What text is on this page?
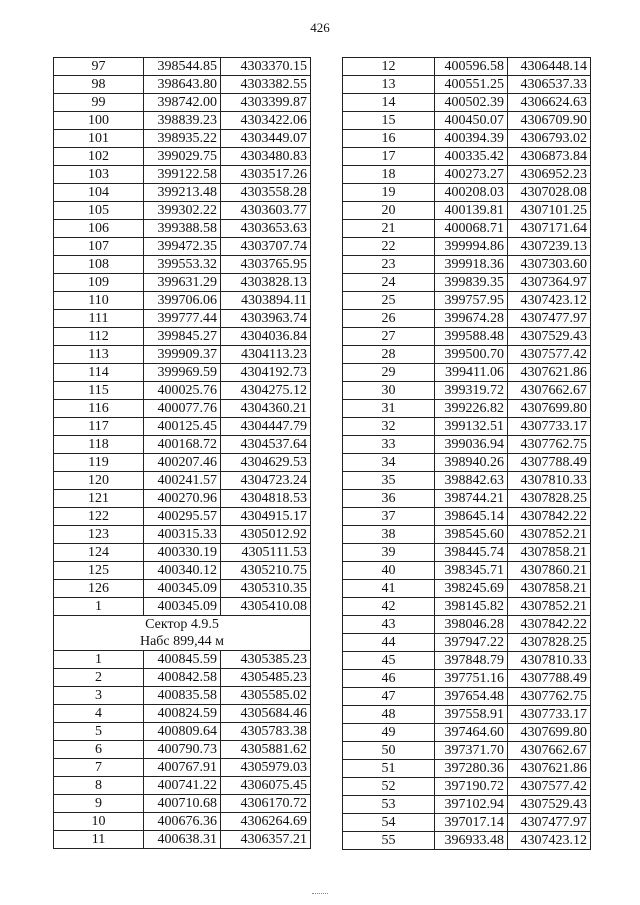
426
97	398544.85	4303370.15
98	398643.80	4303382.55
99	398742.00	4303399.87
100	398839.23	4303422.06
101	398935.22	4303449.07
102	399029.75	4303480.83
103	399122.58	4303517.26
104	399213.48	4303558.28
105	399302.22	4303603.77
106	399388.58	4303653.63
107	399472.35	4303707.74
108	399553.32	4303765.95
109	399631.29	4303828.13
110	399706.06	4303894.11
111	399777.44	4303963.74
112	399845.27	4304036.84
113	399909.37	4304113.23
114	399969.59	4304192.73
115	400025.76	4304275.12
116	400077.76	4304360.21
117	400125.45	4304447.79
118	400168.72	4304537.64
119	400207.46	4304629.53
120	400241.57	4304723.24
121	400270.96	4304818.53
122	400295.57	4304915.17
123	400315.33	4305012.92
124	400330.19	4305111.53
125	400340.12	4305210.75
126	400345.09	4305310.35
1	400345.09	4305410.08
Сектор 4.9.5		
Набс 899,44 м		
1	400845.59	4305385.23
2	400842.58	4305485.23
3	400835.58	4305585.02
4	400824.59	4305684.46
5	400809.64	4305783.38
6	400790.73	4305881.62
7	400767.91	4305979.03
8	400741.22	4306075.45
9	400710.68	4306170.72
10	400676.36	4306264.69
11	400638.31	4306357.21
12	400596.58	4306448.14
13	400551.25	4306537.33
14	400502.39	4306624.63
15	400450.07	4306709.90
16	400394.39	4306793.02
17	400335.42	4306873.84
18	400273.27	4306952.23
19	400208.03	4307028.08
20	400139.81	4307101.25
21	400068.71	4307171.64
22	399994.86	4307239.13
23	399918.36	4307303.60
24	399839.35	4307364.97
25	399757.95	4307423.12
26	399674.28	4307477.97
27	399588.48	4307529.43
28	399500.70	4307577.42
29	399411.06	4307621.86
30	399319.72	4307662.67
31	399226.82	4307699.80
32	399132.51	4307733.17
33	399036.94	4307762.75
34	398940.26	4307788.49
35	398842.63	4307810.33
36	398744.21	4307828.25
37	398645.14	4307842.22
38	398545.60	4307852.21
39	398445.74	4307858.21
40	398345.71	4307860.21
41	398245.69	4307858.21
42	398145.82	4307852.21
43	398046.28	4307842.22
44	397947.22	4307828.25
45	397848.79	4307810.33
46	397751.16	4307788.49
47	397654.48	4307762.75
48	397558.91	4307733.17
49	397464.60	4307699.80
50	397371.70	4307662.67
51	397280.36	4307621.86
52	397190.72	4307577.42
53	397102.94	4307529.43
54	397017.14	4307477.97
55	396933.48	4307423.12
